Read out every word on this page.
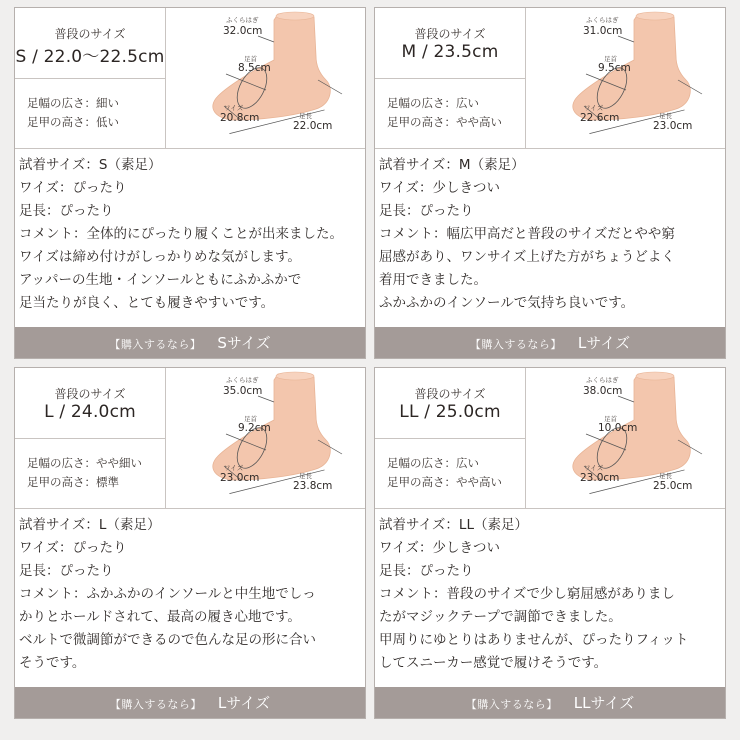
普段のサイズ
S / 22.0〜22.5cm
足幅の広さ：細い
足甲の高さ：低い
ふくらはぎ
32.0cm
足首
8.5cm
ワイズ
20.8cm	足長
22.0cm
試着サイズ：S（素足）
ワイズ：ぴったり
足長：ぴったり
コメント：全体的にぴったり履くことが出来ました。
ワイズは締め付けがしっかりめな気がします。
アッパーの生地・インソールともにふかふかで
足当たりが良く、とても履きやすいです。
【購入するなら】 Sサイズ
普段のサイズ
M / 23.5cm
足幅の広さ：広い
足甲の高さ：やや高い
ふくらはぎ
31.0cm
足首
9.5cm
ワイズ
22.6cm	足長
23.0cm
試着サイズ：M（素足）
ワイズ：少しきつい
足長：ぴったり
コメント：幅広甲高だと普段のサイズだとやや窮
屈感があり、ワンサイズ上げた方がちょうどよく
着用できました。
ふかふかのインソールで気持ち良いです。
【購入するなら】 Lサイズ
普段のサイズ
L / 24.0cm
足幅の広さ：やや細い
足甲の高さ：標準
ふくらはぎ
35.0cm
足首
9.2cm
ワイズ
23.0cm	足長
23.8cm
試着サイズ：L（素足）
ワイズ：ぴったり
足長：ぴったり
コメント：ふかふかのインソールと中生地でしっ
かりとホールドされて、最高の履き心地です。
ベルトで微調節ができるので色んな足の形に合い
そうです。
【購入するなら】 Lサイズ
普段のサイズ
LL / 25.0cm
足幅の広さ：広い
足甲の高さ：やや高い
ふくらはぎ
38.0cm
足首
10.0cm
ワイズ
23.0cm	足長
25.0cm
試着サイズ：LL（素足）
ワイズ：少しきつい
足長：ぴったり
コメント：普段のサイズで少し窮屈感がありまし
たがマジックテープで調節できました。
甲周りにゆとりはありませんが、ぴったりフィット
してスニーカー感覚で履けそうです。
【購入するなら】 LLサイズ
